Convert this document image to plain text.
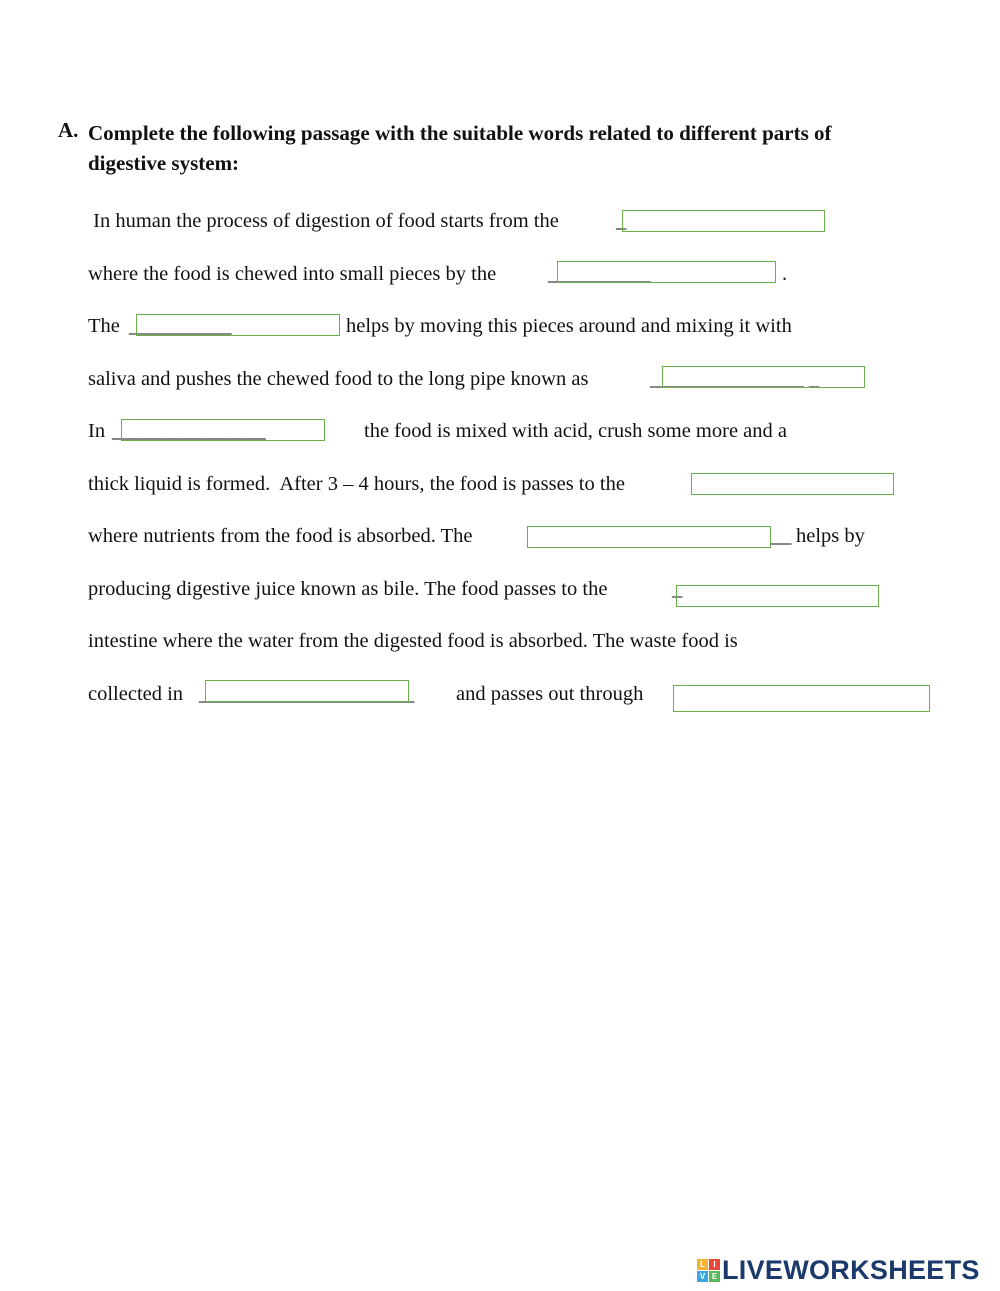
A. Complete the following passage with the suitable words related to different parts of digestive system:
In human the process of digestion of food starts from the	_
where the food is chewed into small pieces by the	__________	.
The __________	helps by moving this pieces around and mixing it with
saliva and pushes the chewed food to the long pipe known as	_______________ _
In _______________	the food is mixed with acid, crush some more and a
thick liquid is formed.  After 3 – 4 hours, the food is passes to the
where nutrients from the food is absorbed. The	__ helps by
producing digestive juice known as bile. The food passes to the	_
intestine where the water from the digested food is absorbed. The waste food is
collected in _____________________ and passes out through
L	I
V E LIVEWORKSHEETS
